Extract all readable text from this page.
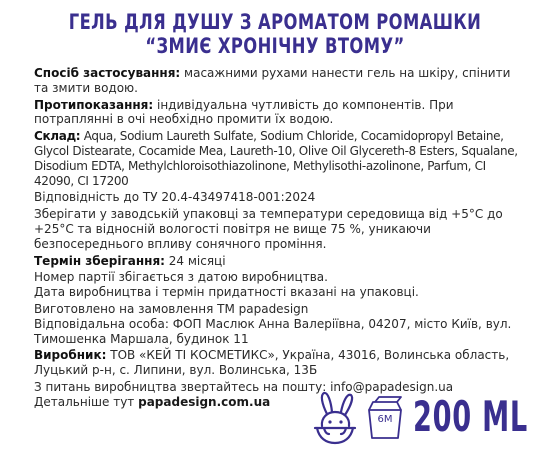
ГЕЛЬ ДЛЯ ДУШУ З АРОМАТОМ РОМАШКИ
“ЗМИЄ ХРОНІЧНУ ВТОМУ”

Спосіб застосування: масажними рухами нанести гель на шкіру, спінити та змити водою.

Протипоказання: індивідуальна чутливість до компонентів. При потраплянні в очі необхідно промити їх водою.

Склад: Aqua, Sodium Laureth Sulfate, Sodium Chloride, Cocamidopropyl Betaine, Glycol Distearate, Cocamide Mea, Laureth-10, Olive Oil Glycereth-8 Esters, Squalane, Disodium EDTA, Methylchloroisothiazolinone, Methylisothi-azolinone, Parfum, CI 42090, CI 17200

Відповідність до ТУ 20.4-43497418-001:2024

Зберігати у заводській упаковці за температури середовища від +5°С до +25°С та відносній вологості повітря не вище 75 %, уникаючи безпосереднього впливу сонячного проміння.

Термін зберігання: 24 місяці

Номер партії збігається з датою виробництва.

Дата виробництва і термін придатності вказані на упаковці.

Виготовлено на замовлення ТМ papadesign

Відповідальна особа: ФОП Маслюк Анна Валеріївна, 04207, місто Київ, вул. Тимошенка Маршала, будинок 11

Виробник: ТОВ «КЕЙ ТІ КОСМЕТИКС», Україна, 43016, Волинська область, Луцький р-н, с. Липини, вул. Волинська, 13Б

З питань виробництва звертайтесь на пошту: info@papadesign.ua

Детальніше тут papadesign.com.ua

6M 200 ML
